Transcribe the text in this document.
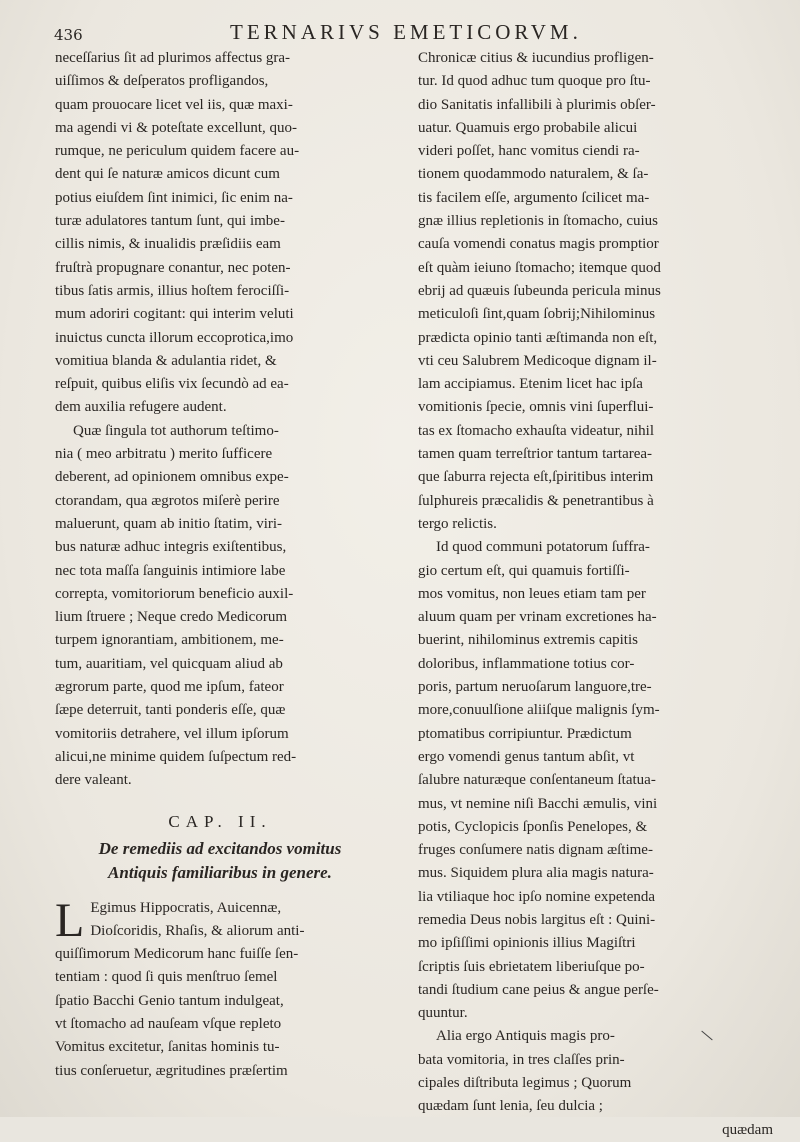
436	TERNARIVS EMETICORVM.
neceſſarius ſit ad plurimos affectus gra-
uiſſimos & deſperatos profligandos,
quam prouocare licet vel iis, quæ maxi-
ma agendi vi & poteſtate excellunt, quo-
rumque, ne periculum quidem facere au-
dent qui ſe naturæ amicos dicunt cum
potius eiuſdem ſint inimici, ſic enim na-
turæ adulatores tantum ſunt, qui imbe-
cillis nimis, & inualidis præſidiis eam
fruſtrà propugnare conantur, nec poten-
tibus ſatis armis, illius hoſtem ferociſſi-
mum adoriri cogitant: qui interim veluti
inuictus cuncta illorum eccoprotica,imo
vomitiua blanda & adulantia ridet, &
reſpuit, quibus eliſis vix ſecundò ad ea-
dem auxilia refugere audent.
Quæ ſingula tot authorum teſtimo-
nia ( meo arbitratu ) merito ſufficere
deberent, ad opinionem omnibus expe-
ctorandam, qua ægrotos miſerè perire
maluerunt, quam ab initio ſtatim, viri-
bus naturæ adhuc integris exiſtentibus,
nec tota maſſa ſanguinis intimiore labe
correpta, vomitoriorum beneficio auxil-
lium ſtruere ; Neque credo Medicorum
turpem ignorantiam, ambitionem, me-
tum, auaritiam, vel quicquam aliud ab
ægrorum parte, quod me ipſum, fateor
ſæpe deterruit, tanti ponderis eſſe, quæ
vomitoriis detrahere, vel illum ipſorum
alicui,ne minime quidem ſuſpectum red-
dere valeant.
CAP. II.
De remediis ad excitandos vomitus
Antiquis familiaribus in genere.
L Egimus Hippocratis, Auicennæ,
Dioſcoridis, Rhaſis, & aliorum anti-
quiſſimorum Medicorum hanc fuiſſe ſen-
tentiam : quod ſi quis menſtruo ſemel
ſpatio Bacchi Genio tantum indulgeat,
vt ſtomacho ad nauſeam vſque repleto
Vomitus excitetur, ſanitas hominis tu-
tius conſeruetur, ægritudines præſertim
Chronicæ citius & iucundius profligen-
tur. Id quod adhuc tum quoque pro ſtu-
dio Sanitatis infallibili à plurimis obſer-
uatur. Quamuis ergo probabile alicui
videri poſſet, hanc vomitus ciendi ra-
tionem quodammodo naturalem, & ſa-
tis facilem eſſe, argumento ſcilicet ma-
gnæ illius repletionis in ſtomacho, cuius
cauſa vomendi conatus magis promptior
eſt quàm ieiuno ſtomacho; itemque quod
ebrij ad quæuis ſubeunda pericula minus
meticuloſi ſint,quam ſobrij;Nihilominus
prædicta opinio tanti æſtimanda non eſt,
vti ceu Salubrem Medicoque dignam il-
lam accipiamus. Etenim licet hac ipſa
vomitionis ſpecie, omnis vini ſuperflui-
tas ex ſtomacho exhauſta videatur, nihil
tamen quam terreſtrior tantum tartarea-
que ſaburra rejecta eſt,ſpiritibus interim
ſulphureis præcalidis & penetrantibus à
tergo relictis.
Id quod communi potatorum ſuffra-
gio certum eſt, qui quamuis fortiſſi-
mos vomitus, non leues etiam tam per
aluum quam per vrinam excretiones ha-
buerint, nihilominus extremis capitis
doloribus, inflammatione totius cor-
poris, partum neruoſarum languore,tre-
more,conuulſione aliiſque malignis ſym-
ptomatibus corripiuntur. Prædictum
ergo vomendi genus tantum abſit, vt
ſalubre naturæque conſentaneum ſtatua-
mus, vt nemine niſi Bacchi æmulis, vini
potis, Cyclopicis ſponſis Penelopes, &
fruges conſumere natis dignam æſtime-
mus. Siquidem plura alia magis natura-
lia vtiliaque hoc ipſo nomine expetenda
remedia Deus nobis largitus eſt : Quini-
mo ipſiſſimi opinionis illius Magiſtri
ſcriptis ſuis ebrietatem liberiuſque po-
tandi ſtudium cane peius & angue perſe-
quuntur.
Alia ergo Antiquis magis pro-
bata vomitoria, in tres claſſes prin-
cipales diſtributa legimus ; Quorum
quædam ſunt lenia, ſeu dulcia ;
quædam
